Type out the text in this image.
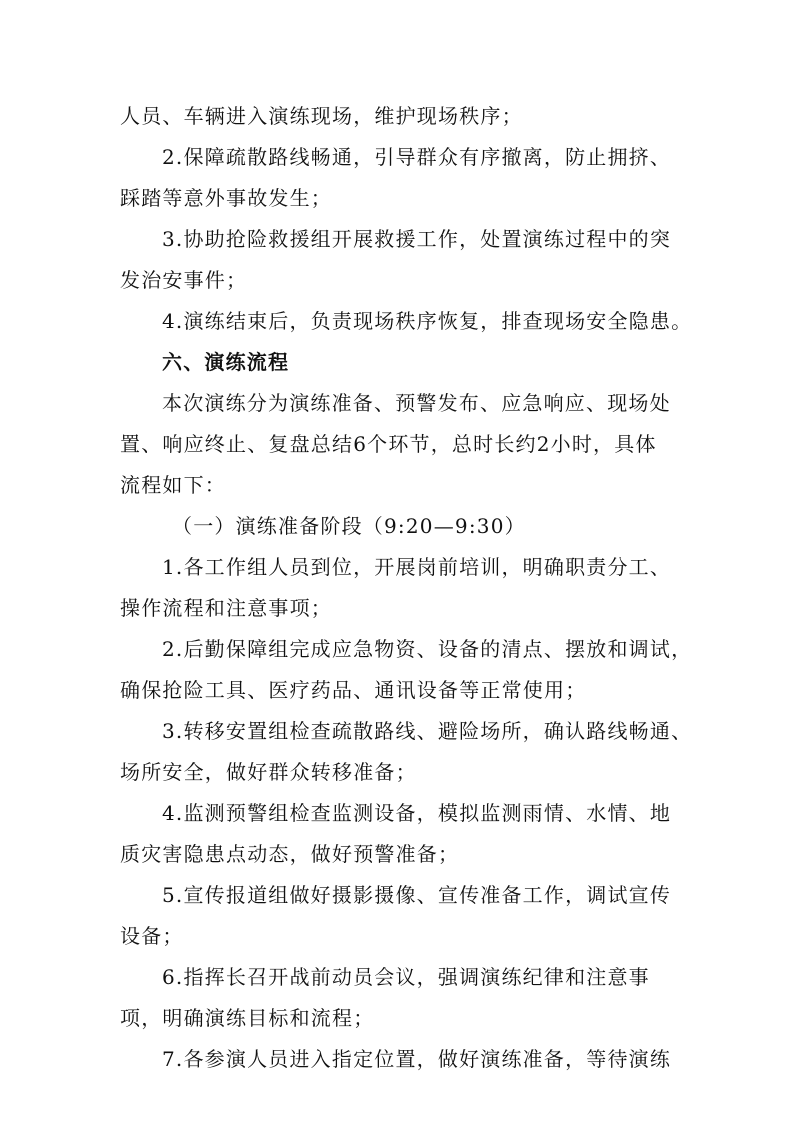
人员、车辆进入演练现场，维护现场秩序；
2.保障疏散路线畅通，引导群众有序撤离，防止拥挤、
踩踏等意外事故发生；
3.协助抢险救援组开展救援工作，处置演练过程中的突
发治安事件；
4.演练结束后，负责现场秩序恢复，排查现场安全隐患。
六、演练流程
本次演练分为演练准备、预警发布、应急响应、现场处
置、响应终止、复盘总结6个环节，总时长约2小时，具体
流程如下：
（一）演练准备阶段（9:20—9:30）
1.各工作组人员到位，开展岗前培训，明确职责分工、
操作流程和注意事项；
2.后勤保障组完成应急物资、设备的清点、摆放和调试，
确保抢险工具、医疗药品、通讯设备等正常使用；
3.转移安置组检查疏散路线、避险场所，确认路线畅通、
场所安全，做好群众转移准备；
4.监测预警组检查监测设备，模拟监测雨情、水情、地
质灾害隐患点动态，做好预警准备；
5.宣传报道组做好摄影摄像、宣传准备工作，调试宣传
设备；
6.指挥长召开战前动员会议，强调演练纪律和注意事
项，明确演练目标和流程；
7.各参演人员进入指定位置，做好演练准备，等待演练
